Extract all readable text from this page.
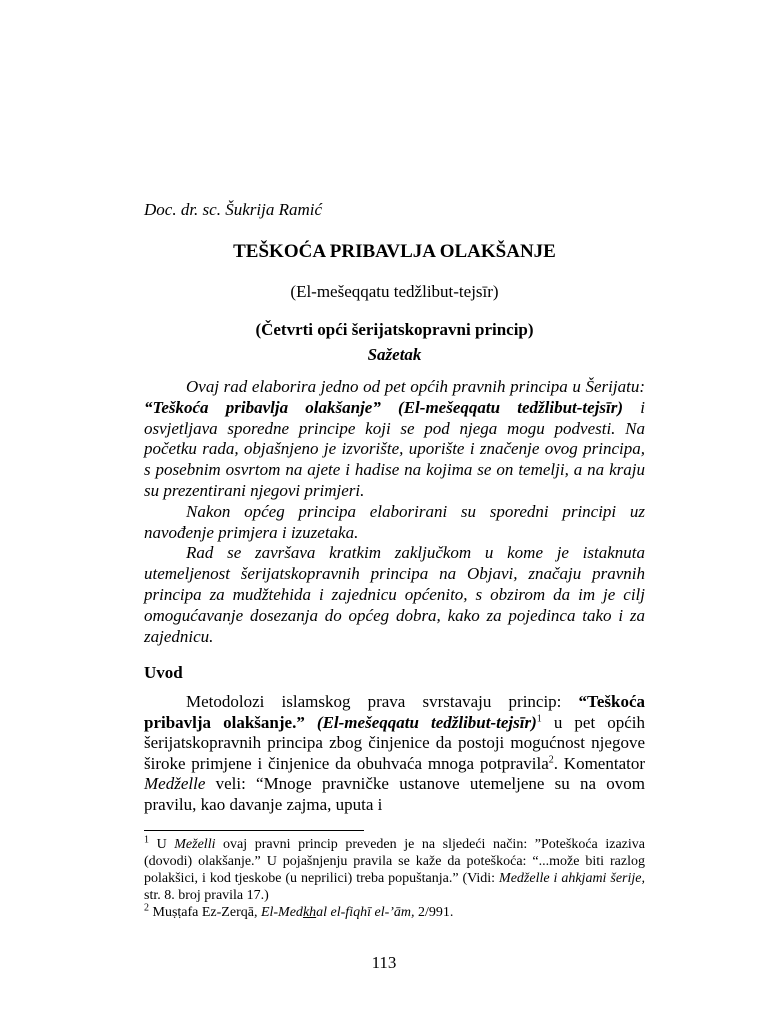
Doc. dr. sc. Šukrija Ramić
TEŠKOĆA PRIBAVLJA OLAKŠANJE
(El-mešeqqatu tedžlibut-tejsīr)
(Četvrti opći šerijatskopravni princip)
Sažetak

Ovaj rad elaborira jedno od pet općih pravnih principa u Šerijatu: “Teškoća pribavlja olakšanje” (El-mešeqqatu tedžlibut-tejsīr) i osvjetljava sporedne principe koji se pod njega mogu podvesti. Na početku rada, objašnjeno je izvorište, uporište i značenje ovog principa, s posebnim osvrtom na ajete i hadise na kojima se on temelji, a na kraju su prezentirani njegovi primjeri.

Nakon općeg principa elaborirani su sporedni principi uz navođenje primjera i izuzetaka.

Rad se završava kratkim zaključkom u kome je istaknuta utemeljenost šerijatskopravnih principa na Objavi, značaju pravnih principa za mudžtehida i zajednicu općenito, s obzirom da im je cilj omogućavanje dosezanja do općeg dobra, kako za pojedinca tako i za zajednicu.

Uvod

Metodolozi islamskog prava svrstavaju princip: “Teškoća pribavlja olakšanje.” (El-mešeqqatu tedžlibut-tejsīr)$^1$ u pet općih šerijatskopravnih principa zbog činjenice da postoji mogućnost njegove široke primjene i činjenice da obuhvaća mnoga potpravila$^2$. Komentator Medželle veli: “Mnoge pravničke ustanove utemeljene su na ovom pravilu, kao davanje zajma, uputa i

$^1$ U Meželli ovaj pravni princip preveden je na sljedeći način: ”Poteškoća izaziva (dovodi) olakšanje.” U pojašnjenju pravila se kaže da poteškoća: “...može biti razlog polakšici, i kod tjeskobe (u neprilici) treba popuštanja.” (Vidi: Medželle i ahkjami šerije, str. 8. broj pravila 17.)

$^2$ Muṣṭafa Ez-Zerqā, El-Medkhal el-fiqhī el-’ām, 2/991.

113
